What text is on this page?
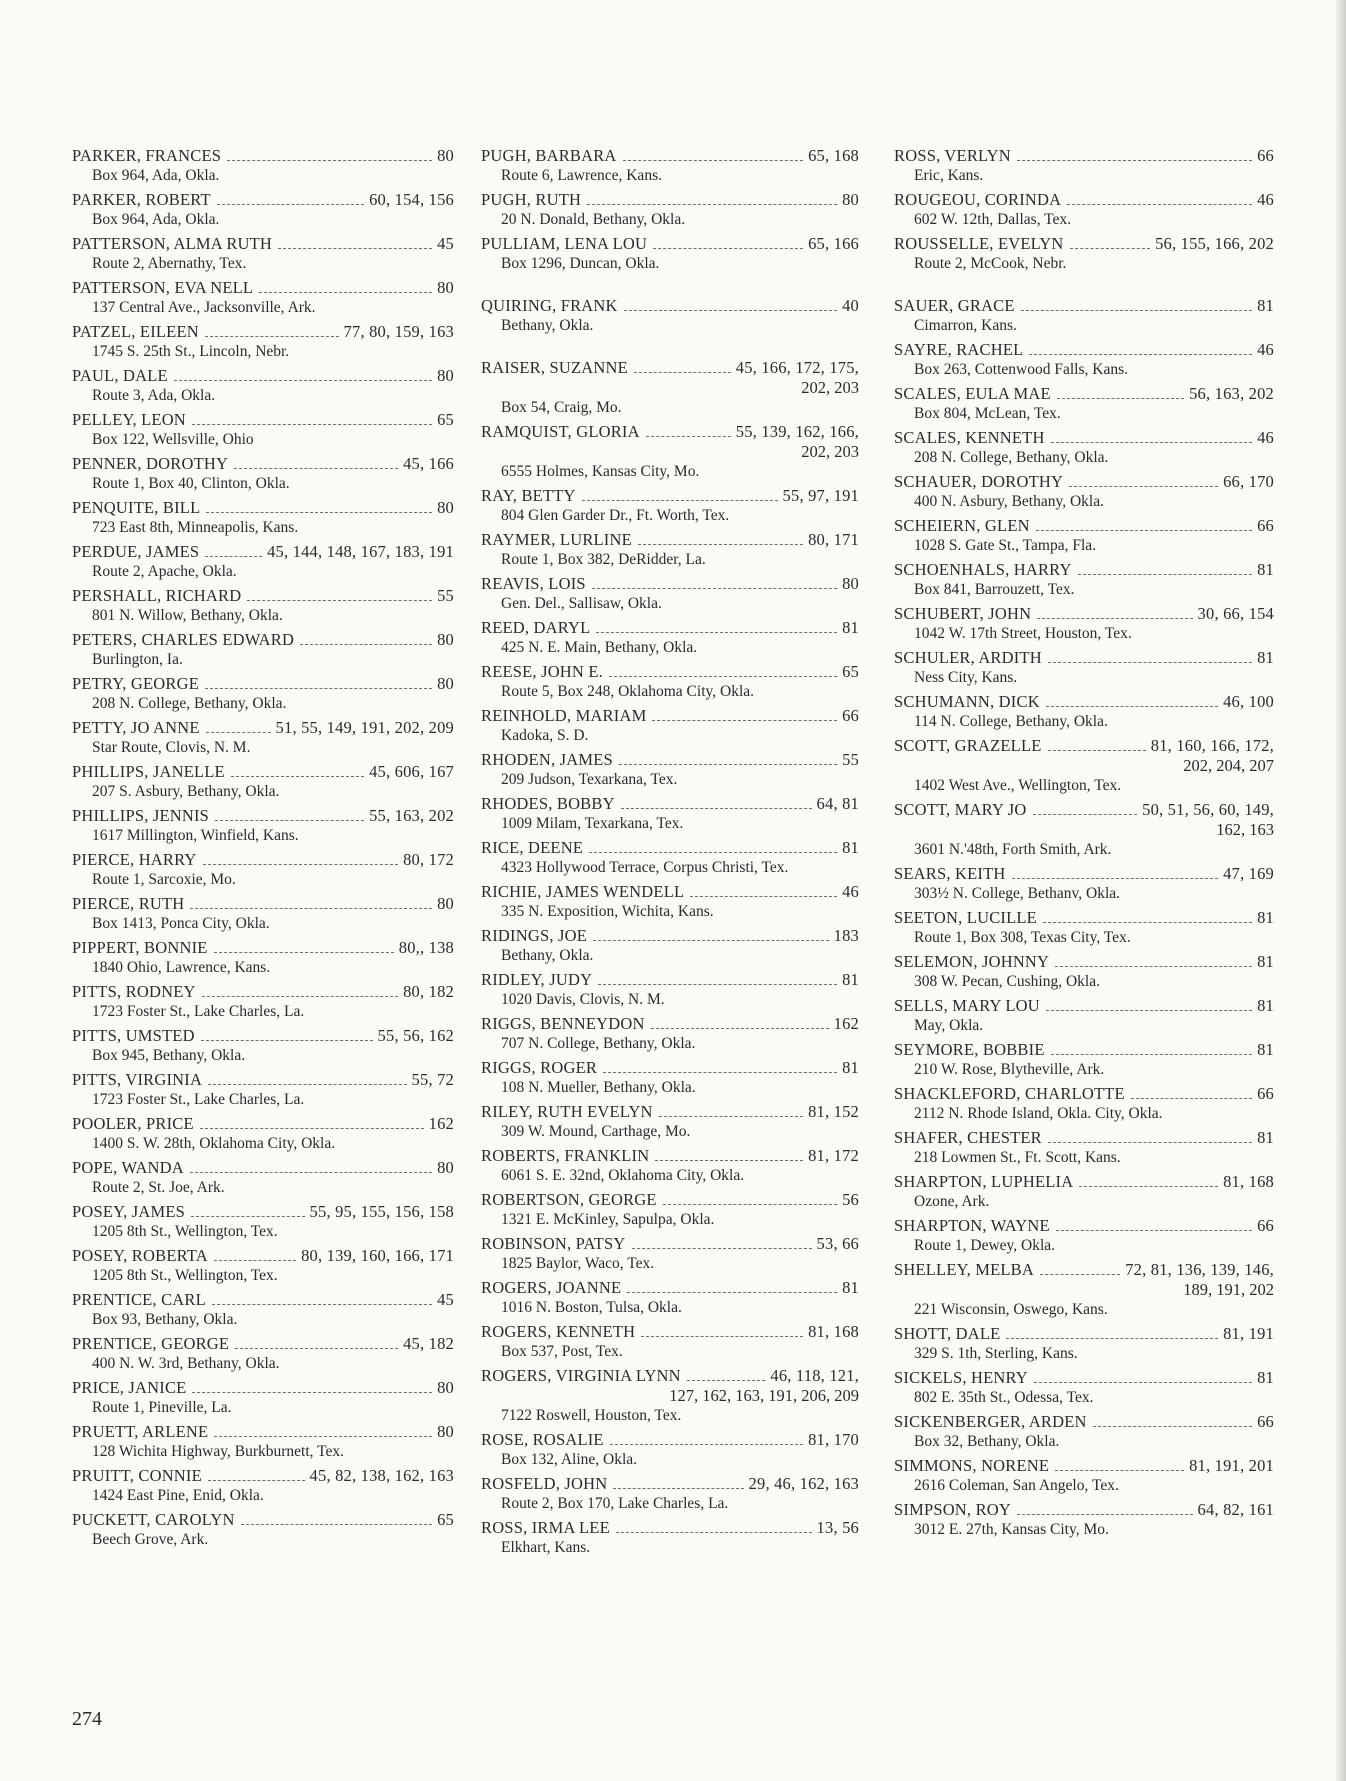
PARKER, FRANCES	80
Box 964, Ada, Okla.
PARKER, ROBERT	60, 154, 156
Box 964, Ada, Okla.
PATTERSON, ALMA RUTH	45
Route 2, Abernathy, Tex.
PATTERSON, EVA NELL	80
137 Central Ave., Jacksonville, Ark.
PATZEL, EILEEN	77, 80, 159, 163
1745 S. 25th St., Lincoln, Nebr.
PAUL, DALE	80
Route 3, Ada, Okla.
PELLEY, LEON	65
Box 122, Wellsville, Ohio
PENNER, DOROTHY	45, 166
Route 1, Box 40, Clinton, Okla.
PENQUITE, BILL	80
723 East 8th, Minneapolis, Kans.
PERDUE, JAMES	45, 144, 148, 167, 183, 191
Route 2, Apache, Okla.
PERSHALL, RICHARD	55
801 N. Willow, Bethany, Okla.
PETERS, CHARLES EDWARD	80
Burlington, Ia.
PETRY, GEORGE	80
208 N. College, Bethany, Okla.
PETTY, JO ANNE	51, 55, 149, 191, 202, 209
Star Route, Clovis, N. M.
PHILLIPS, JANELLE	45, 606, 167
207 S. Asbury, Bethany, Okla.
PHILLIPS, JENNIS	55, 163, 202
1617 Millington, Winfield, Kans.
PIERCE, HARRY	80, 172
Route 1, Sarcoxie, Mo.
PIERCE, RUTH	80
Box 1413, Ponca City, Okla.
PIPPERT, BONNIE	80,, 138
1840 Ohio, Lawrence, Kans.
PITTS, RODNEY	80, 182
1723 Foster St., Lake Charles, La.
PITTS, UMSTED	55, 56, 162
Box 945, Bethany, Okla.
PITTS, VIRGINIA	55, 72
1723 Foster St., Lake Charles, La.
POOLER, PRICE	162
1400 S. W. 28th, Oklahoma City, Okla.
POPE, WANDA	80
Route 2, St. Joe, Ark.
POSEY, JAMES	55, 95, 155, 156, 158
1205 8th St., Wellington, Tex.
POSEY, ROBERTA	80, 139, 160, 166, 171
1205 8th St., Wellington, Tex.
PRENTICE, CARL	45
Box 93, Bethany, Okla.
PRENTICE, GEORGE	45, 182
400 N. W. 3rd, Bethany, Okla.
PRICE, JANICE	80
Route 1, Pineville, La.
PRUETT, ARLENE	80
128 Wichita Highway, Burkburnett, Tex.
PRUITT, CONNIE	45, 82, 138, 162, 163
1424 East Pine, Enid, Okla.
PUCKETT, CAROLYN	65
Beech Grove, Ark.
PUGH, BARBARA	65, 168
Route 6, Lawrence, Kans.
PUGH, RUTH	80
20 N. Donald, Bethany, Okla.
PULLIAM, LENA LOU	65, 166
Box 1296, Duncan, Okla.
QUIRING, FRANK	40
Bethany, Okla.
RAISER, SUZANNE	45, 166, 172, 175,
202, 203
Box 54, Craig, Mo.
RAMQUIST, GLORIA	55, 139, 162, 166,
202, 203
6555 Holmes, Kansas City, Mo.
RAY, BETTY	55, 97, 191
804 Glen Garder Dr., Ft. Worth, Tex.
RAYMER, LURLINE	80, 171
Route 1, Box 382, DeRidder, La.
REAVIS, LOIS	80
Gen. Del., Sallisaw, Okla.
REED, DARYL	81
425 N. E. Main, Bethany, Okla.
REESE, JOHN E.	65
Route 5, Box 248, Oklahoma City, Okla.
REINHOLD, MARIAM	66
Kadoka, S. D.
RHODEN, JAMES	55
209 Judson, Texarkana, Tex.
RHODES, BOBBY	64, 81
1009 Milam, Texarkana, Tex.
RICE, DEENE	81
4323 Hollywood Terrace, Corpus Christi, Tex.
RICHIE, JAMES WENDELL	46
335 N. Exposition, Wichita, Kans.
RIDINGS, JOE	183
Bethany, Okla.
RIDLEY, JUDY	81
1020 Davis, Clovis, N. M.
RIGGS, BENNEYDON	162
707 N. College, Bethany, Okla.
RIGGS, ROGER	81
108 N. Mueller, Bethany, Okla.
RILEY, RUTH EVELYN	81, 152
309 W. Mound, Carthage, Mo.
ROBERTS, FRANKLIN	81, 172
6061 S. E. 32nd, Oklahoma City, Okla.
ROBERTSON, GEORGE	56
1321 E. McKinley, Sapulpa, Okla.
ROBINSON, PATSY	53, 66
1825 Baylor, Waco, Tex.
ROGERS, JOANNE	81
1016 N. Boston, Tulsa, Okla.
ROGERS, KENNETH	81, 168
Box 537, Post, Tex.
ROGERS, VIRGINIA LYNN	46, 118, 121,
127, 162, 163, 191, 206, 209
7122 Roswell, Houston, Tex.
ROSE, ROSALIE	81, 170
Box 132, Aline, Okla.
ROSFELD, JOHN	29, 46, 162, 163
Route 2, Box 170, Lake Charles, La.
ROSS, IRMA LEE	13, 56
Elkhart, Kans.
ROSS, VERLYN	66
Eric, Kans.
ROUGEOU, CORINDA	46
602 W. 12th, Dallas, Tex.
ROUSSELLE, EVELYN	56, 155, 166, 202
Route 2, McCook, Nebr.
SAUER, GRACE	81
Cimarron, Kans.
SAYRE, RACHEL	46
Box 263, Cottenwood Falls, Kans.
SCALES, EULA MAE	56, 163, 202
Box 804, McLean, Tex.
SCALES, KENNETH	46
208 N. College, Bethany, Okla.
SCHAUER, DOROTHY	66, 170
400 N. Asbury, Bethany, Okla.
SCHEIERN, GLEN	66
1028 S. Gate St., Tampa, Fla.
SCHOENHALS, HARRY	81
Box 841, Barrouzett, Tex.
SCHUBERT, JOHN	30, 66, 154
1042 W. 17th Street, Houston, Tex.
SCHULER, ARDITH	81
Ness City, Kans.
SCHUMANN, DICK	46, 100
114 N. College, Bethany, Okla.
SCOTT, GRAZELLE	81, 160, 166, 172,
202, 204, 207
1402 West Ave., Wellington, Tex.
SCOTT, MARY JO	50, 51, 56, 60, 149,
162, 163
3601 N.'48th, Forth Smith, Ark.
SEARS, KEITH	47, 169
303½ N. College, Bethanv, Okla.
SEETON, LUCILLE	81
Route 1, Box 308, Texas City, Tex.
SELEMON, JOHNNY	81
308 W. Pecan, Cushing, Okla.
SELLS, MARY LOU	81
May, Okla.
SEYMORE, BOBBIE	81
210 W. Rose, Blytheville, Ark.
SHACKLEFORD, CHARLOTTE	66
2112 N. Rhode Island, Okla. City, Okla.
SHAFER, CHESTER	81
218 Lowmen St., Ft. Scott, Kans.
SHARPTON, LUPHELIA	81, 168
Ozone, Ark.
SHARPTON, WAYNE	66
Route 1, Dewey, Okla.
SHELLEY, MELBA	72, 81, 136, 139, 146,
189, 191, 202
221 Wisconsin, Oswego, Kans.
SHOTT, DALE	81, 191
329 S. 1th, Sterling, Kans.
SICKELS, HENRY	81
802 E. 35th St., Odessa, Tex.
SICKENBERGER, ARDEN	66
Box 32, Bethany, Okla.
SIMMONS, NORENE	81, 191, 201
2616 Coleman, San Angelo, Tex.
SIMPSON, ROY	64, 82, 161
3012 E. 27th, Kansas City, Mo.
274
